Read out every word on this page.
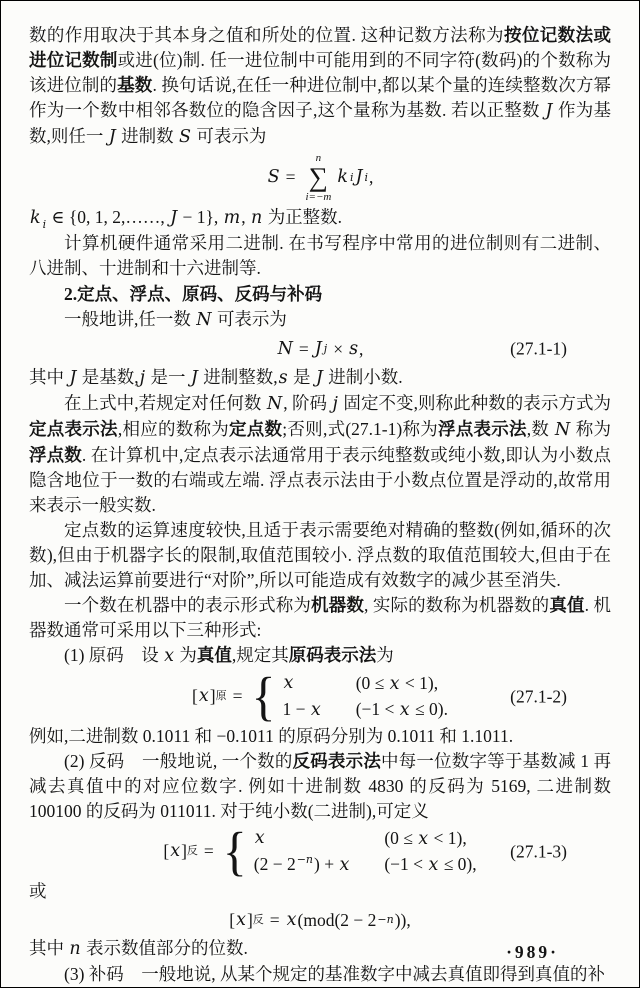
数的作用取决于其本身之值和所处的位置. 这种记数方法称为按位记数法或进位记数制或进(位)制. 任一进位制中可能用到的不同字符(数码)的个数称为该进位制的基数. 换句话说,在任一种进位制中,都以某个量的连续整数次方幂作为一个数中相邻各数位的隐含因子,这个量称为基数. 若以正整数 J 作为基数,则任一 J 进制数 S 可表示为

S =
n
∑
i=−m
k i J i ,

k $_i$ ∈ {0, 1, 2,……, J − 1}, m, n 为正整数.

计算机硬件通常采用二进制. 在书写程序中常用的进位制则有二进制、八进制、十进制和十六进制等.

2.定点、浮点、原码、反码与补码

一般地讲,任一数 N 可表示为

N = J j × s ,	(27.1-1)

其中 J 是基数,j 是一 J 进制整数,s 是 J 进制小数.

在上式中,若规定对任何数 N, 阶码 j 固定不变,则称此种数的表示方式为定点表示法,相应的数称为定点数;否则,式(27.1-1)称为浮点表示法,数 N 称为浮点数. 在计算机中,定点表示法通常用于表示纯整数或纯小数,即认为小数点隐含地位于一数的右端或左端. 浮点表示法由于小数点位置是浮动的,故常用来表示一般实数.

定点数的运算速度较快,且适于表示需要绝对精确的整数(例如,循环的次数),但由于机器字长的限制,取值范围较小. 浮点数的取值范围较大,但由于在加、减法运算前要进行“对阶”,所以可能造成有效数字的减少甚至消失.

一个数在机器中的表示形式称为机器数, 实际的数称为机器数的真值. 机器数通常可采用以下三种形式:

(1) 原码　设 x 为真值,规定其原码表示法为

[ x ] 原 = { x	(0 ≤ x < 1),
1 − x (−1 < x ≤ 0).
(27.1-2)

例如,二进制数 0.1011 和 −0.1011 的原码分别为 0.1011 和 1.1011.

(2) 反码　一般地说, 一个数的反码表示法中每一位数字等于基数减 1 再减去真值中的对应位数字. 例如十进制数 4830 的反码为 5169, 二进制数 100100 的反码为 011011. 对于纯小数(二进制),可定义

[ x ] 反 = { x	(0 ≤ x < 1),
$(2 - 2^{-n}) + x$ (−1 < x ≤ 0),
(27.1-3)

或

[ x ] 反 = x (mod(2 − 2 −n )),

其中 n 表示数值部分的位数.

(3) 补码　一般地说, 从某个规定的基准数字中减去真值即得到真值的补

·989·
